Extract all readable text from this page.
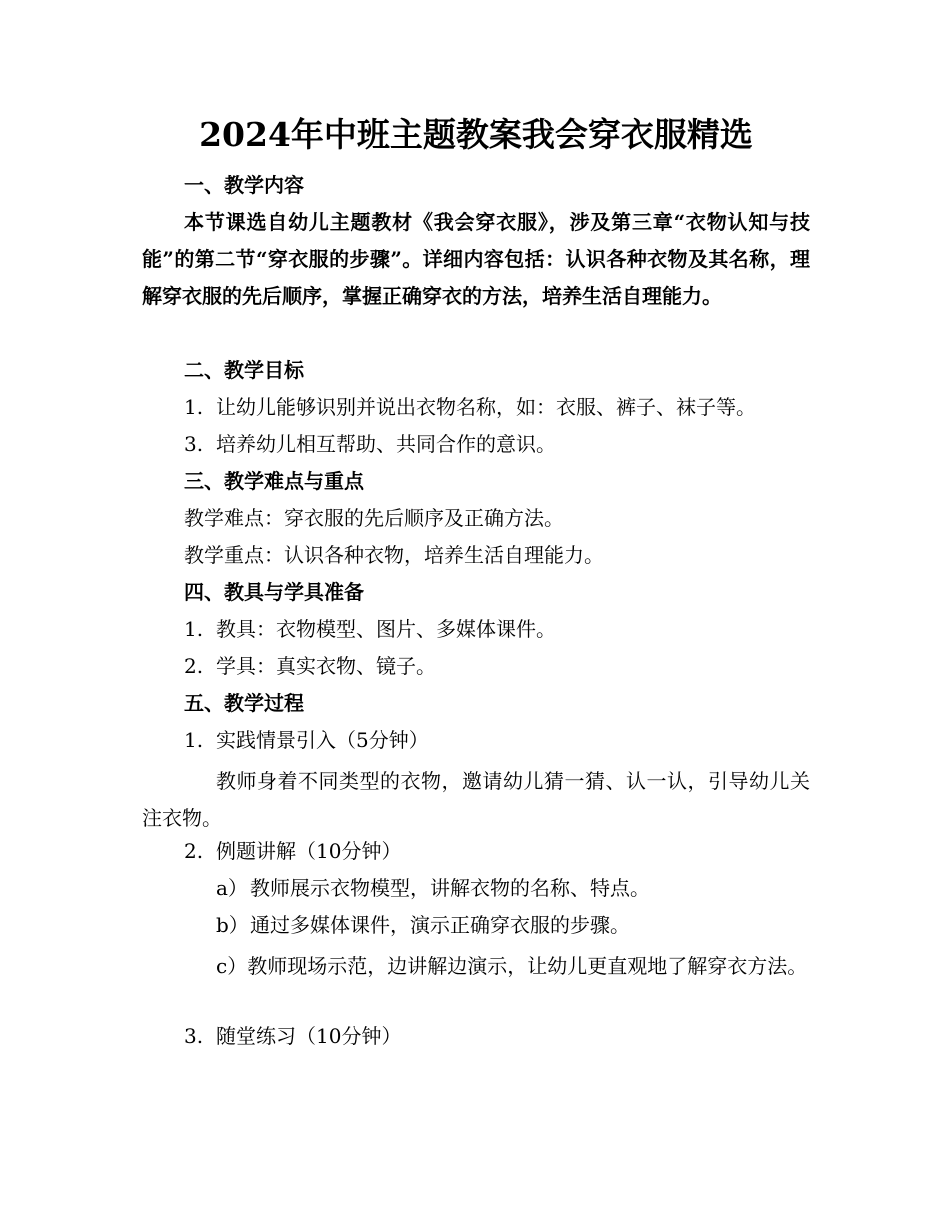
2024年中班主题教案我会穿衣服精选
一、教学内容
本节课选自幼儿主题教材《我会穿衣服》，涉及第三章“衣物认知与技能”的第二节“穿衣服的步骤”。详细内容包括：认识各种衣物及其名称，理解穿衣服的先后顺序，掌握正确穿衣的方法，培养生活自理能力。
二、教学目标
1. 让幼儿能够识别并说出衣物名称，如：衣服、裤子、袜子等。
3. 培养幼儿相互帮助、共同合作的意识。
三、教学难点与重点
教学难点：穿衣服的先后顺序及正确方法。
教学重点：认识各种衣物，培养生活自理能力。
四、教具与学具准备
1. 教具：衣物模型、图片、多媒体课件。
2. 学具：真实衣物、镜子。
五、教学过程
1. 实践情景引入（5分钟）
教师身着不同类型的衣物，邀请幼儿猜一猜、认一认，引导幼儿关注衣物。
2. 例题讲解（10分钟）
a） 教师展示衣物模型，讲解衣物的名称、特点。
b）通过多媒体课件，演示正确穿衣服的步骤。
c）教师现场示范，边讲解边演示，让幼儿更直观地了解穿衣方法。
3. 随堂练习（10分钟）
